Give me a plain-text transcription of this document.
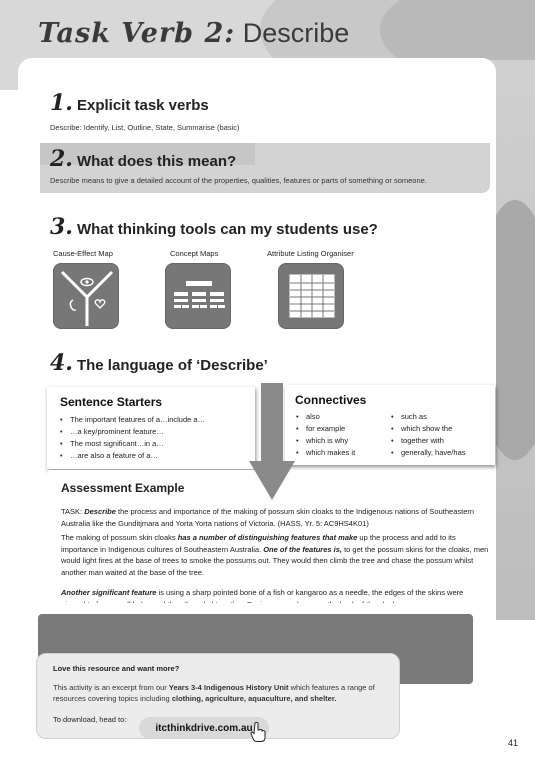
Task Verb 2: Describe
1. Explicit task verbs
Describe: Identify, List, Outline, State, Summarise (basic)
2. What does this mean?
Describe means to give a detailed account of the properties, qualities, features or parts of something or someone.
3. What thinking tools can my students use?
Cause-Effect Map	Concept Maps	Attribute Listing Organiser
4. The language of ‘Describe’
Sentence Starters
• The important features of a…include a…
• …a key/prominent feature…
• The most significant…in a…
• …are also a feature of a…
Connectives
• also
• for example
• which is why
• which makes it
• such as
• which show the
• together with
• generally, have/has
Assessment Example
TASK: Describe the process and importance of the making of possum skin cloaks to the Indigenous nations of Southeastern Australia like the Gunditjmara and Yorta Yorta nations of Victoria. (HASS, Yr. 5: AC9HS4K01)
The making of possum skin cloaks has a number of distinguishing features that make up the process and add to its importance in Indigenous cultures of Southeastern Australia. One of the features is, to get the possum skins for the cloaks, men would light fires at the base of trees to smoke the possums out. They would then climb the tree and chase the possum whilst another man waited at the base of the tree.
Another significant feature is using a sharp pointed bone of a fish or kangaroo as a needle, the edges of the skins were
Love this resource and want more?
This activity is an excerpt from our Years 3-4 Indigenous History Unit which features a range of resources covering topics including clothing, agriculture, aquaculture, and shelter.
To download, head to:
itcthinkdrive.com.au
41
